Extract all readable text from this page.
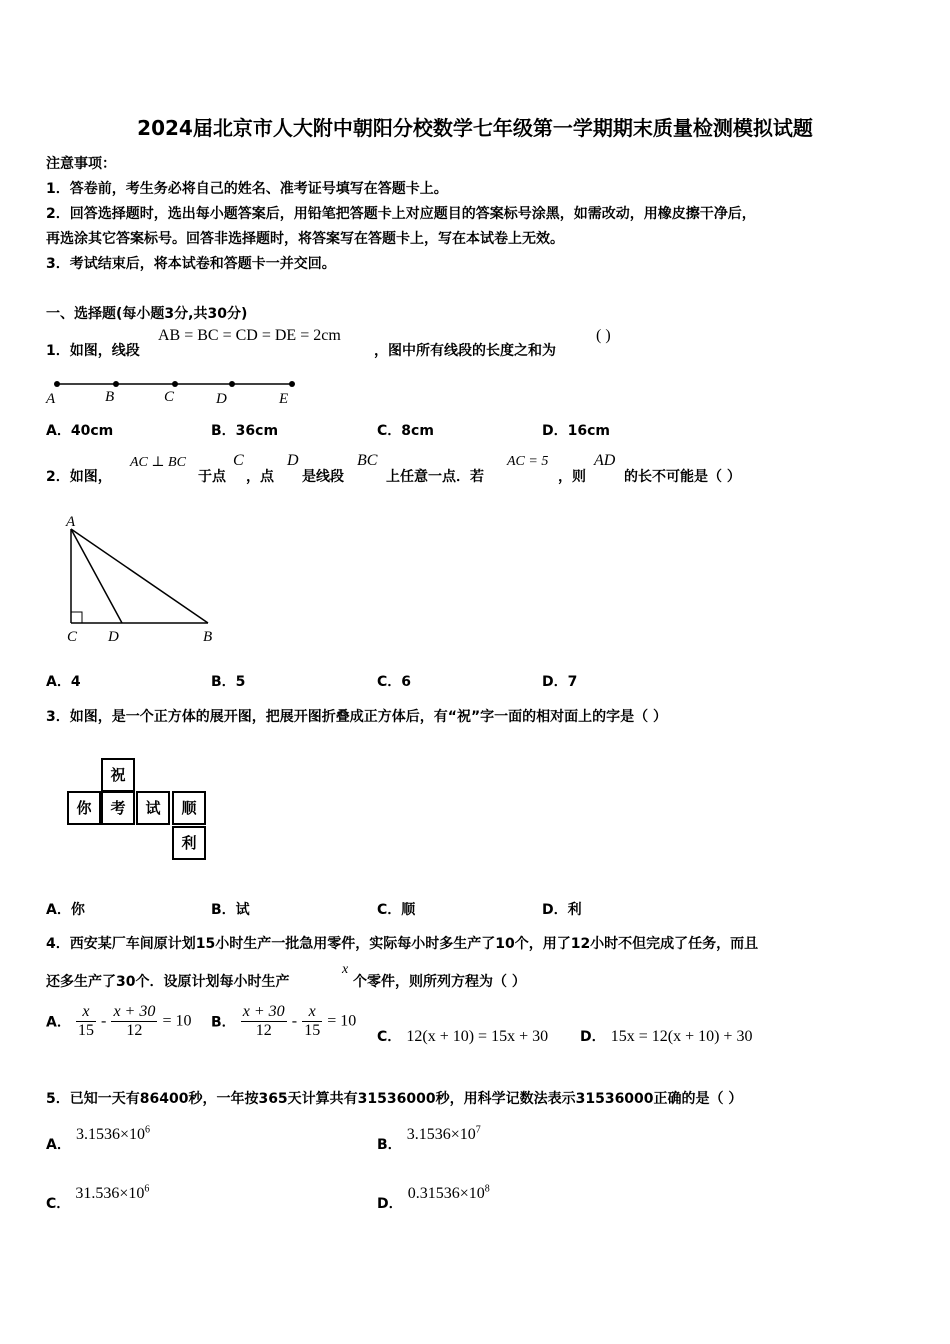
2024届北京市人大附中朝阳分校数学七年级第一学期期末质量检测模拟试题
注意事项：
1．答卷前，考生务必将自己的姓名、准考证号填写在答题卡上。
2．回答选择题时，选出每小题答案后，用铅笔把答题卡上对应题目的答案标号涂黑，如需改动，用橡皮擦干净后，
再选涂其它答案标号。回答非选择题时，将答案写在答题卡上，写在本试卷上无效。
3．考试结束后，将本试卷和答题卡一并交回。
一、选择题(每小题3分,共30分)
1．如图，线段
AB = BC = CD = DE = 2cm
，图中所有线段的长度之和为
( )
A	B	C	D	E
A．40cm	B．36cm	C．8cm	D．16cm
2．如图，
AC ⊥ BC
于点
C
，点
D
是线段
BC
上任意一点．若
AC = 5
，则
AD
的长不可能是（ ）
A
C D	B
A．4	B．5	C．6	D．7
3．如图，是一个正方体的展开图，把展开图折叠成正方体后，有“祝”字一面的相对面上的字是（ ）
祝
你	考	试	顺
利
A．你	B．试	C．顺	D．利
4．西安某厂车间原计划15小时生产一批急用零件，实际每小时多生产了10个，用了12小时不但完成了任务，而且
还多生产了30个．设原计划每小时生产
x
个零件，则所列方程为（ ）
A． $\frac{x}{15} - \frac{x + 30}{12} = 10$ B． $\frac{x + 30}{12} - \frac{x}{15} = 10$
C． 12(x + 10) = 15x + 30 D． 15x = 12(x + 10) + 30
5．已知一天有86400秒，一年按365天计算共有31536000秒，用科学记数法表示31536000正确的是（ ）
A． $3.1536\times 10^6$
B． $3.1536\times 10^7$
C． $31.536\times 10^6$
D． $0.31536\times 10^8$
